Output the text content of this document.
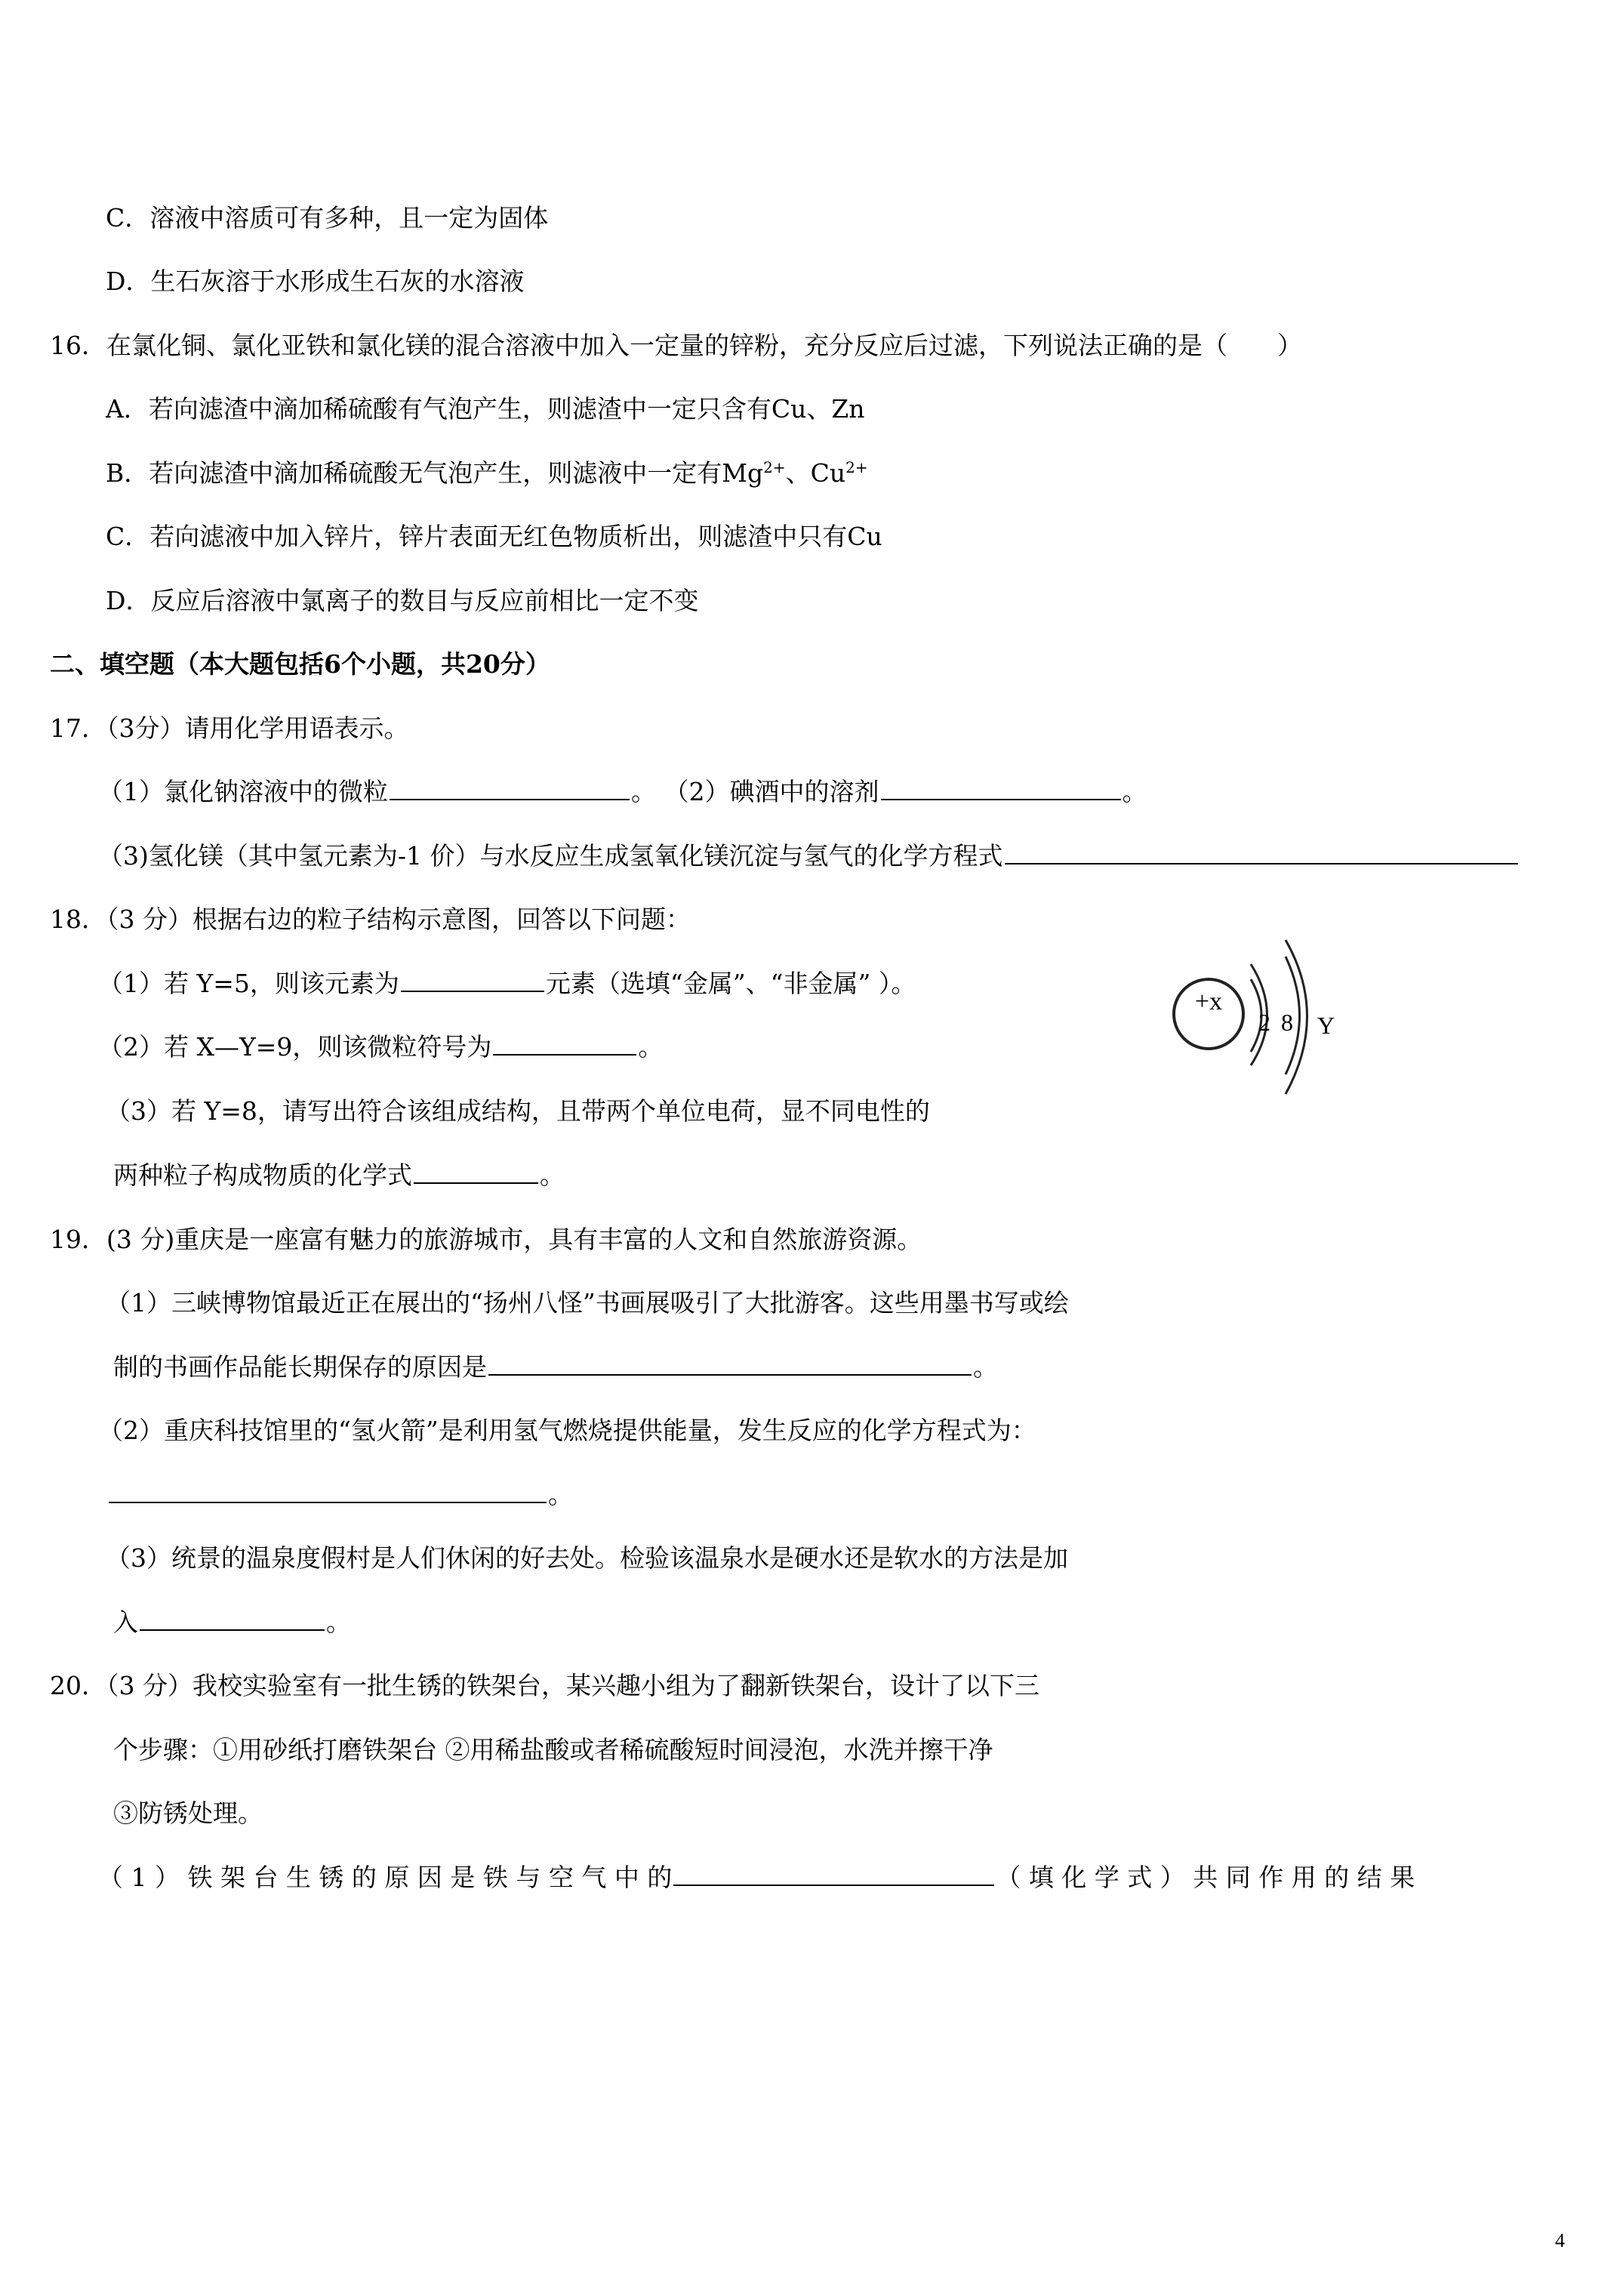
C．溶液中溶质可有多种，且一定为固体
D．生石灰溶于水形成生石灰的水溶液
16．在氯化铜、氯化亚铁和氯化镁的混合溶液中加入一定量的锌粉，充分反应后过滤，下列说法正确的是（　　）
A．若向滤渣中滴加稀硫酸有气泡产生，则滤渣中一定只含有Cu、Zn
B．若向滤渣中滴加稀硫酸无气泡产生，则滤液中一定有$Mg^{2+}$、$Cu^{2+}$
C．若向滤液中加入锌片，锌片表面无红色物质析出，则滤渣中只有Cu
D．反应后溶液中氯离子的数目与反应前相比一定不变
二、填空题（本大题包括6个小题，共20分）
17．（3分）请用化学用语表示。
（1）氯化钠溶液中的微粒	。 （2）碘酒中的溶剂	。
（3)氢化镁（其中氢元素为-1 价）与水反应生成氢氧化镁沉淀与氢气的化学方程式
18．（3 分）根据右边的粒子结构示意图，回答以下问题：
（1）若 Y=5，则该元素为	元素（选填“金属”、“非金属” ）。
（2）若 X—Y=9，则该微粒符号为	。
（3）若 Y=8，请写出符合该组成结构，且带两个单位电荷，显不同电性的
两种粒子构成物质的化学式	。
+x
2 8 Y
19．(3 分)重庆是一座富有魅力的旅游城市，具有丰富的人文和自然旅游资源。
（1）三峡博物馆最近正在展出的“扬州八怪”书画展吸引了大批游客。这些用墨书写或绘
制的书画作品能长期保存的原因是	。
（2）重庆科技馆里的“氢火箭”是利用氢气燃烧提供能量，发生反应的化学方程式为：
。
（3）统景的温泉度假村是人们休闲的好去处。检验该温泉水是硬水还是软水的方法是加
入	。
20．（3 分）我校实验室有一批生锈的铁架台，某兴趣小组为了翻新铁架台，设计了以下三
个步骤：①用砂纸打磨铁架台 ②用稀盐酸或者稀硫酸短时间浸泡，水洗并擦干净
③防锈处理。
（ 1 ） 铁 架 台 生 锈 的 原 因 是 铁 与 空 气 中 的	（ 填 化 学 式 ） 共 同 作 用 的 结 果
4
